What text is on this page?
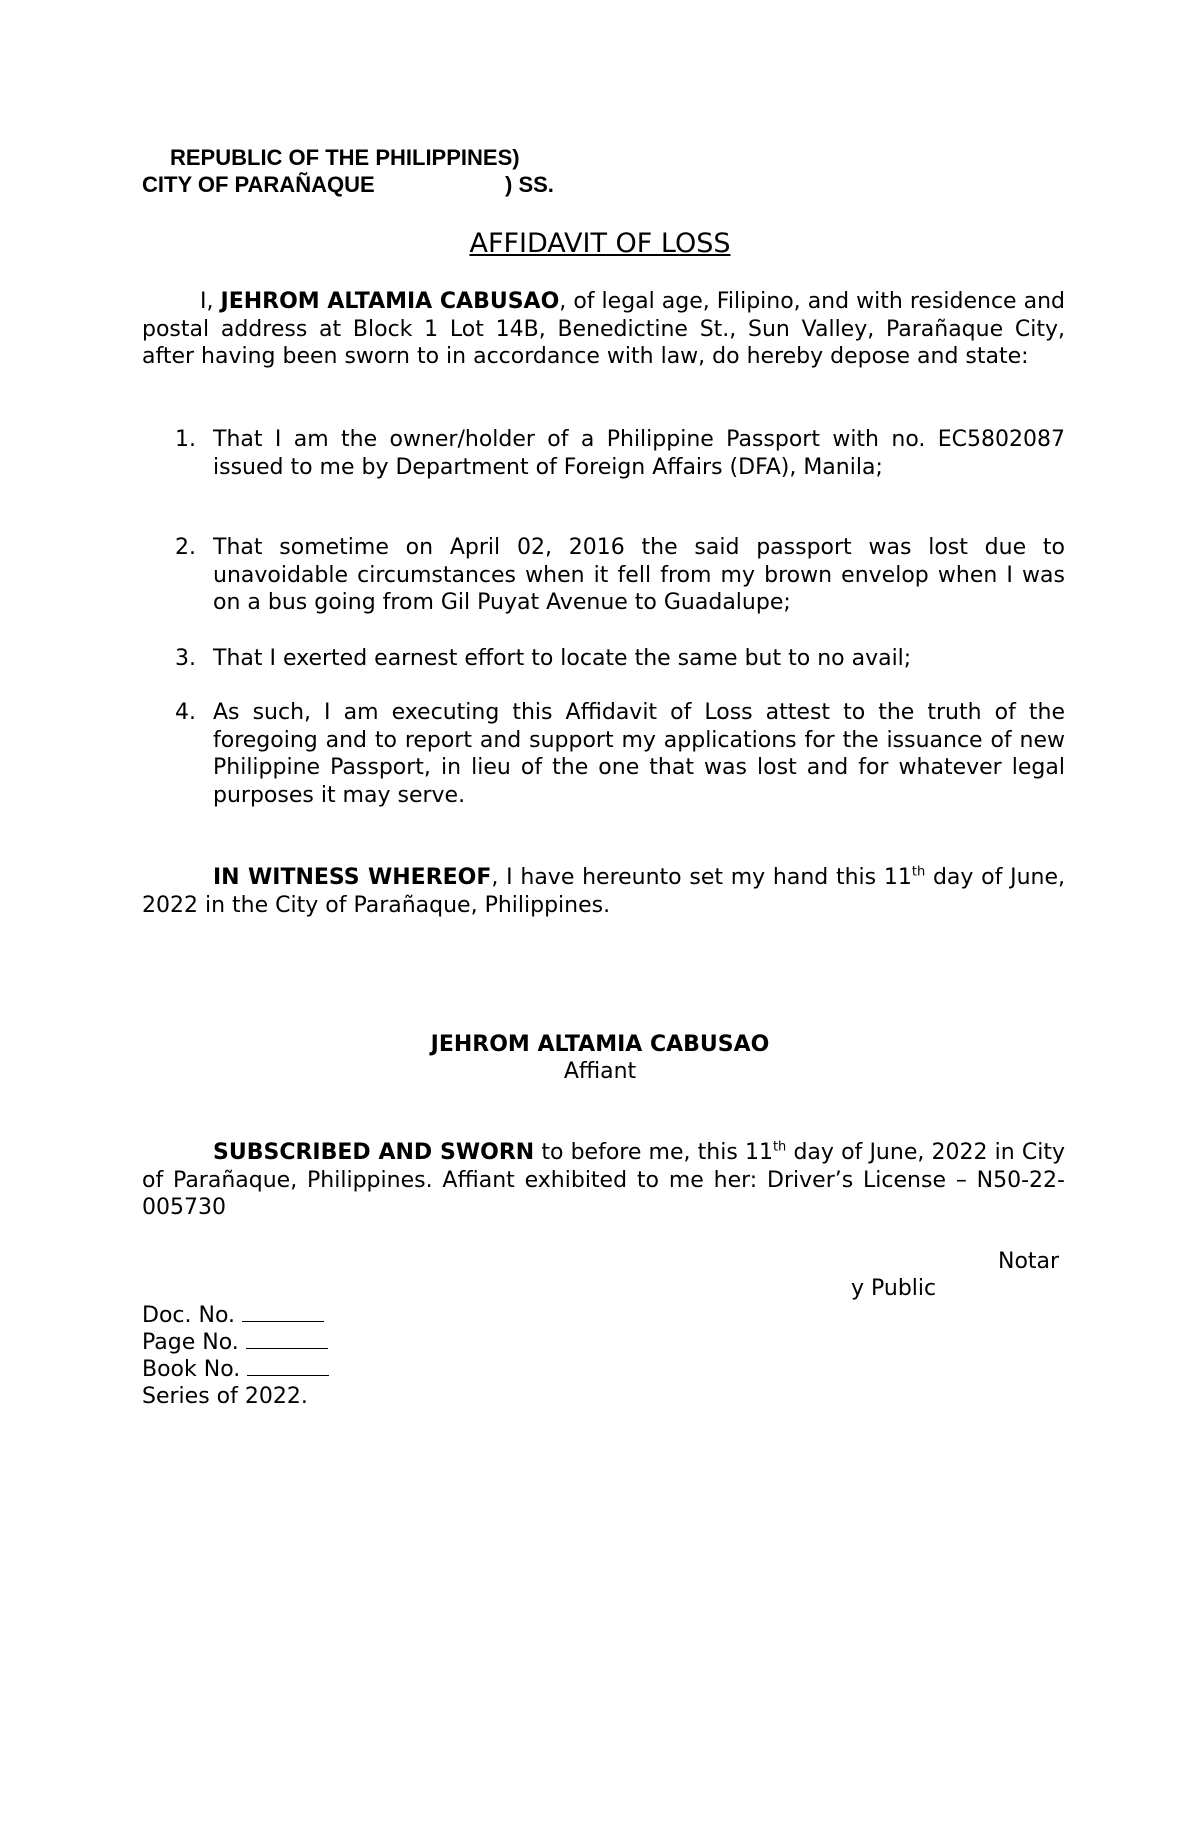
REPUBLIC OF THE PHILIPPINES)
CITY OF PARAÑAQUE	) SS.
AFFIDAVIT OF LOSS
I, JEHROM ALTAMIA CABUSAO, of legal age, Filipino, and with residence and postal address at Block 1 Lot 14B, Benedictine St., Sun Valley, Parañaque City, after having been sworn to in accordance with law, do hereby depose and state:
1. That I am the owner/holder of a Philippine Passport with no. EC5802087 issued to me by Department of Foreign Affairs (DFA), Manila;
2. That sometime on April 02, 2016 the said passport was lost due to unavoidable circumstances when it fell from my brown envelop when I was on a bus going from Gil Puyat Avenue to Guadalupe;
3. That I exerted earnest effort to locate the same but to no avail;
4. As such, I am executing this Affidavit of Loss attest to the truth of the foregoing and to report and support my applications for the issuance of new Philippine Passport, in lieu of the one that was lost and for whatever legal purposes it may serve.
IN WITNESS WHEREOF, I have hereunto set my hand this 11th day of June, 2022 in the City of Parañaque, Philippines.
JEHROM ALTAMIA CABUSAO
Affiant
SUBSCRIBED AND SWORN to before me, this 11th day of June, 2022 in City of Parañaque, Philippines. Affiant exhibited to me her: Driver’s License – N50-22-005730
Notar
y Public
Doc. No.
Page No.
Book No.
Series of 2022.
